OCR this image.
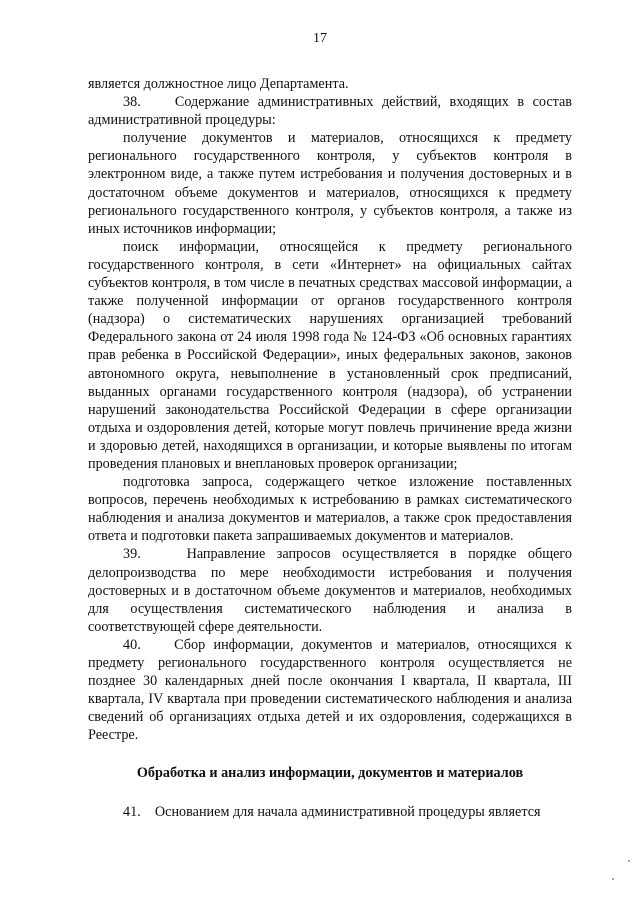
17

является должностное лицо Департамента.

38.    Содержание административных действий, входящих в состав административной процедуры:

получение документов и материалов, относящихся к предмету регионального государственного контроля, у субъектов контроля в электронном виде, а также путем истребования и получения достоверных и в достаточном объеме документов и материалов, относящихся к предмету регионального государственного контроля, у субъектов контроля, а также из иных источников информации;

поиск информации, относящейся к предмету регионального государственного контроля, в сети «Интернет» на официальных сайтах субъектов контроля, в том числе в печатных средствах массовой информации, а также полученной информации от органов государственного контроля (надзора) о систематических нарушениях организацией требований Федерального закона от 24 июля 1998 года № 124-ФЗ «Об основных гарантиях прав ребенка в Российской Федерации», иных федеральных законов, законов автономного округа, невыполнение в установленный срок предписаний, выданных органами государственного контроля (надзора), об устранении нарушений законодательства Российской Федерации в сфере организации отдыха и оздоровления детей, которые могут повлечь причинение вреда жизни и здоровью детей, находящихся в организации, и которые выявлены по итогам проведения плановых и внеплановых проверок организации;

подготовка запроса, содержащего четкое изложение поставленных вопросов, перечень необходимых к истребованию в рамках систематического наблюдения и анализа документов и материалов, а также срок предоставления ответа и подготовки пакета запрашиваемых документов и материалов.

39.    Направление запросов осуществляется в порядке общего делопроизводства по мере необходимости истребования и получения достоверных и в достаточном объеме документов и материалов, необходимых для осуществления систематического наблюдения и анализа в соответствующей сфере деятельности.

40.    Сбор информации, документов и материалов, относящихся к предмету регионального государственного контроля осуществляется не позднее 30 календарных дней после окончания I квартала, II квартала, III квартала, IV квартала при проведении систематического наблюдения и анализа сведений об организациях отдыха детей и их оздоровления, содержащихся в Реестре.

Обработка и анализ информации, документов и материалов

41.    Основанием для начала административной процедуры является
